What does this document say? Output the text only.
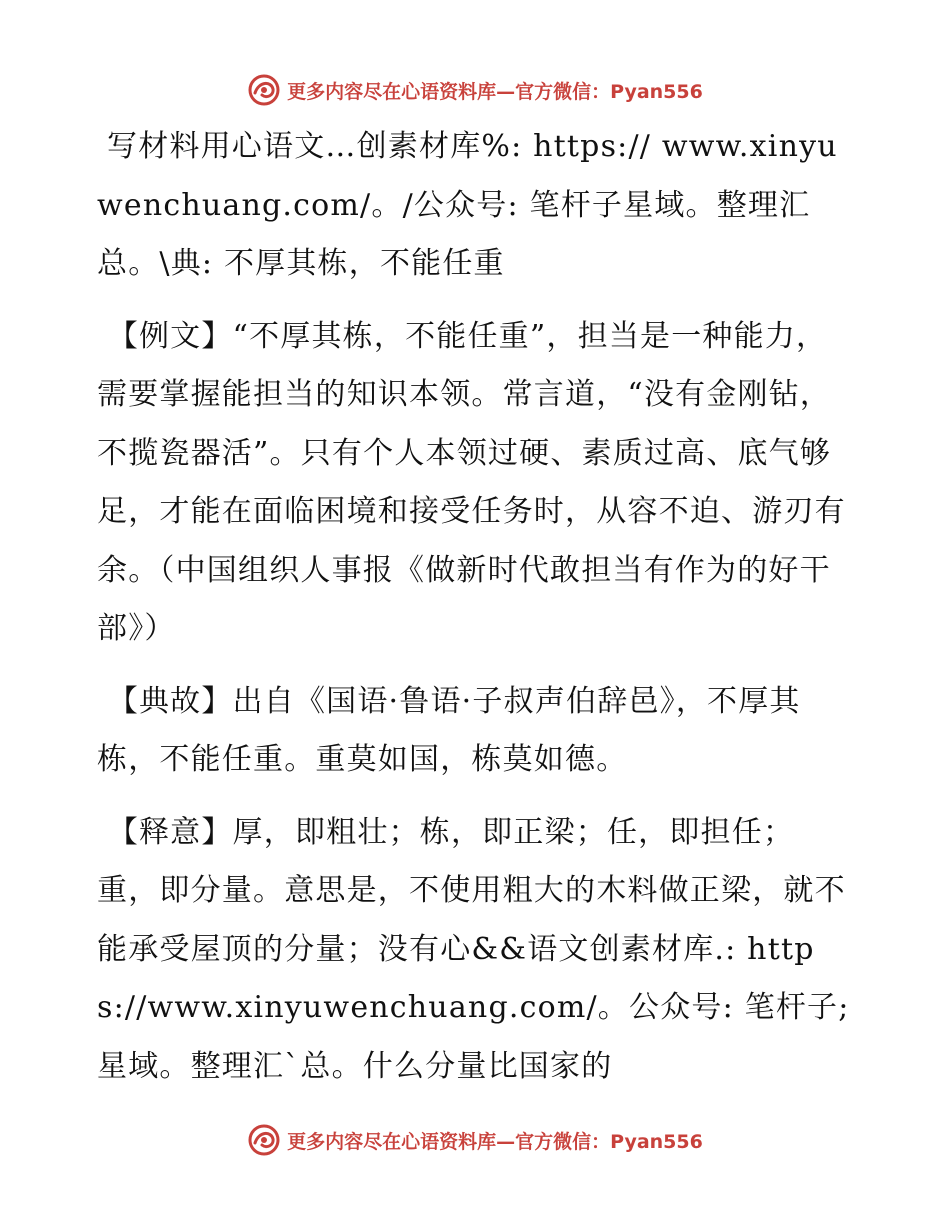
更多内容尽在心语资料库—官方微信：Pyan556

写材料用心语文…创素材库%: https:// www.xinyuwenchuang.com/。/公众号: 笔杆子星域。整理汇总。\典: 不厚其栋，不能任重

【例文】“不厚其栋，不能任重”，担当是一种能力，需要掌握能担当的知识本领。常言道，“没有金刚钻，不揽瓷器活”。只有个人本领过硬、素质过高、底气够足，才能在面临困境和接受任务时，从容不迫、游刃有余。（中国组织人事报《做新时代敢担当有作为的好干部》）

【典故】出自《国语·鲁语·子叔声伯辞邑》，不厚其栋，不能任重。重莫如国，栋莫如德。

【释意】厚，即粗壮；栋，即正梁；任，即担任；重，即分量。意思是，不使用粗大的木料做正梁，就不能承受屋顶的分量；没有心&&语文创素材库.: https://www.xinyuwenchuang.com/。公众号: 笔杆子;星域。整理汇`总。什么分量比国家的

更多内容尽在心语资料库—官方微信：Pyan556
